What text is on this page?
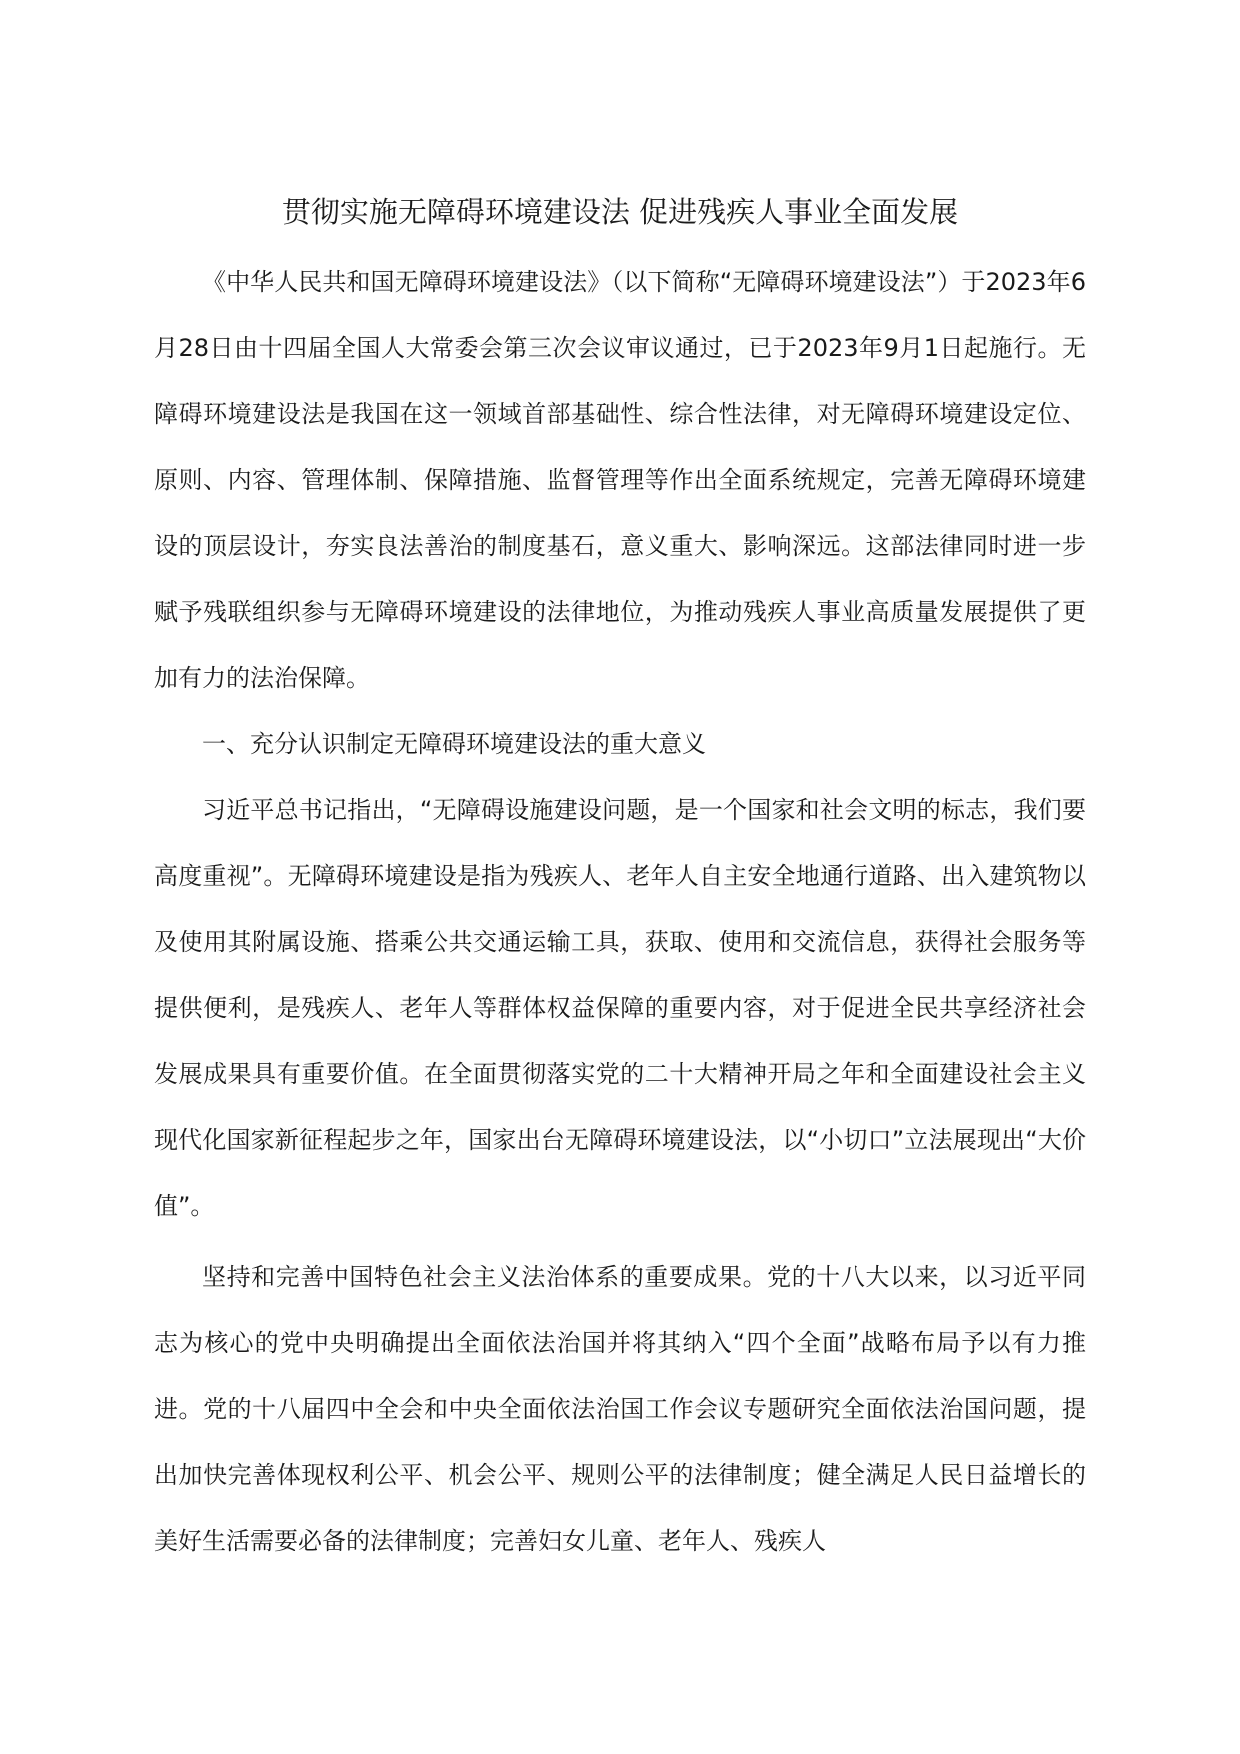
贯彻实施无障碍环境建设法 促进残疾人事业全面发展

《中华人民共和国无障碍环境建设法》（以下简称“无障碍环境建设法”）于2023年6月28日由十四届全国人大常委会第三次会议审议通过，已于2023年9月1日起施行。无障碍环境建设法是我国在这一领域首部基础性、综合性法律，对无障碍环境建设定位、原则、内容、管理体制、保障措施、监督管理等作出全面系统规定，完善无障碍环境建设的顶层设计，夯实良法善治的制度基石，意义重大、影响深远。这部法律同时进一步赋予残联组织参与无障碍环境建设的法律地位，为推动残疾人事业高质量发展提供了更加有力的法治保障。

一、充分认识制定无障碍环境建设法的重大意义

习近平总书记指出，“无障碍设施建设问题，是一个国家和社会文明的标志，我们要高度重视”。无障碍环境建设是指为残疾人、老年人自主安全地通行道路、出入建筑物以及使用其附属设施、搭乘公共交通运输工具，获取、使用和交流信息，获得社会服务等提供便利，是残疾人、老年人等群体权益保障的重要内容，对于促进全民共享经济社会发展成果具有重要价值。在全面贯彻落实党的二十大精神开局之年和全面建设社会主义现代化国家新征程起步之年，国家出台无障碍环境建设法，以“小切口”立法展现出“大价值”。

坚持和完善中国特色社会主义法治体系的重要成果。党的十八大以来，以习近平同志为核心的党中央明确提出全面依法治国并将其纳入“四个全面”战略布局予以有力推进。党的十八届四中全会和中央全面依法治国工作会议专题研究全面依法治国问题，提出加快完善体现权利公平、机会公平、规则公平的法律制度；健全满足人民日益增长的美好生活需要必备的法律制度；完善妇女儿童、老年人、残疾人
